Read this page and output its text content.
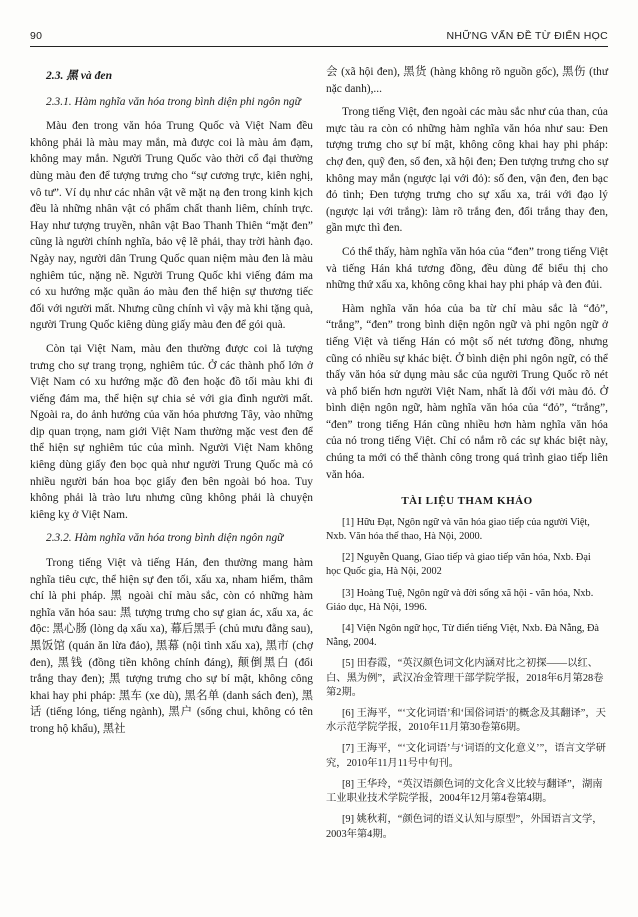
90	NHỮNG VẤN ĐỀ TỪ ĐIỂN HỌC
2.3. 黑 và đen
2.3.1. Hàm nghĩa văn hóa trong bình diện phi ngôn ngữ

Màu đen trong văn hóa Trung Quốc và Việt Nam đều không phải là màu may mắn, mà được coi là màu ảm đạm, không may mắn. Người Trung Quốc vào thời cổ đại thường dùng màu đen để tượng trưng cho “sự cương trực, kiên nghị, vô tư”. Ví dụ như các nhân vật vẽ mặt nạ đen trong kinh kịch đều là những nhân vật có phẩm chất thanh liêm, chính trực. Hay như tượng truyền, nhân vật Bao Thanh Thiên “mặt đen” cũng là người chính nghĩa, bảo vệ lẽ phải, thay trời hành đạo. Ngày nay, người dân Trung Quốc quan niệm màu đen là màu nghiêm túc, nặng nề. Người Trung Quốc khi viếng đám ma có xu hướng mặc quần áo màu đen thể hiện sự thương tiếc đối với người mất. Nhưng cũng chính vì vậy mà khi tặng quà, người Trung Quốc kiêng dùng giấy màu đen để gói quà.

Còn tại Việt Nam, màu đen thường được coi là tượng trưng cho sự trang trọng, nghiêm túc. Ở các thành phố lớn ở Việt Nam có xu hướng mặc đồ đen hoặc đồ tối màu khi đi viếng đám ma, thể hiện sự chia sẻ với gia đình người mất. Ngoài ra, do ảnh hưởng của văn hóa phương Tây, vào những dịp quan trọng, nam giới Việt Nam thường mặc vest đen để thể hiện sự nghiêm túc của mình. Người Việt Nam không kiêng dùng giấy đen bọc quà như người Trung Quốc mà có nhiều người bán hoa bọc giấy đen bên ngoài bó hoa. Tuy không phải là trào lưu nhưng cũng không phải là chuyện kiêng kỵ ở Việt Nam.

2.3.2. Hàm nghĩa văn hóa trong bình diện ngôn ngữ

Trong tiếng Việt và tiếng Hán, đen thường mang hàm nghĩa tiêu cực, thể hiện sự đen tối, xấu xa, nham hiểm, thâm chí là phi pháp. 黑 ngoài chỉ màu sắc, còn có những hàm nghĩa văn hóa sau: 黑 tượng trưng cho sự gian ác, xấu xa, ác độc: 黑心肠 (lòng dạ xấu xa), 幕后黑手 (chủ mưu đằng sau), 黑饭馆 (quán ăn lừa đảo), 黑幕 (nội tình xấu xa), 黑市 (chợ đen), 黑钱 (đồng tiền không chính đáng), 颠倒黑白 (đổi trắng thay đen); 黑 tượng trưng cho sự bí mật, không công khai hay phi pháp: 黑车 (xe dù), 黑名单 (danh sách đen), 黑话 (tiếng lóng, tiếng ngành), 黑户 (sống chui, không có tên trong hộ khẩu), 黑社

会 (xã hội đen), 黑货 (hàng không rõ nguồn gốc), 黑伤 (thư nặc danh),...

Trong tiếng Việt, đen ngoài các màu sắc như của than, của mực tàu ra còn có những hàm nghĩa văn hóa như sau: Đen tượng trưng cho sự bí mật, không công khai hay phi pháp: chợ đen, quỹ đen, sổ đen, xã hội đen; Đen tượng trưng cho sự không may mắn (ngược lại với đỏ): số đen, vận đen, đen bạc đỏ tình; Đen tượng trưng cho sự xấu xa, trái với đạo lý (ngược lại với trắng): làm rõ trắng đen, đổi trắng thay đen, gần mực thì đen.

Có thể thấy, hàm nghĩa văn hóa của “đen” trong tiếng Việt và tiếng Hán khá tương đồng, đều dùng để biểu thị cho những thứ xấu xa, không công khai hay phi pháp và đen đủi.

Hàm nghĩa văn hóa của ba từ chỉ màu sắc là “đỏ”, “trắng”, “đen” trong bình diện ngôn ngữ và phi ngôn ngữ ở tiếng Việt và tiếng Hán có một số nét tương đồng, nhưng cũng có nhiều sự khác biệt. Ở bình diện phi ngôn ngữ, có thể thấy văn hóa sử dụng màu sắc của người Trung Quốc rõ nét và phổ biến hơn người Việt Nam, nhất là đối với màu đỏ. Ở bình diện ngôn ngữ, hàm nghĩa văn hóa của “đỏ”, “trắng”, “đen” trong tiếng Hán cũng nhiều hơn hàm nghĩa văn hóa của nó trong tiếng Việt. Chỉ có nắm rõ các sự khác biệt này, chúng ta mới có thể thành công trong quá trình giao tiếp liên văn hóa.

TÀI LIỆU THAM KHẢO

[1] Hữu Đạt, Ngôn ngữ và văn hóa giao tiếp của người Việt, Nxb. Văn hóa thể thao, Hà Nội, 2000.

[2] Nguyễn Quang, Giao tiếp và giao tiếp văn hóa, Nxb. Đại học Quốc gia, Hà Nội, 2002

[3] Hoàng Tuệ, Ngôn ngữ và đời sống xã hội - văn hóa, Nxb. Giáo dục, Hà Nội, 1996.

[4] Viện Ngôn ngữ học, Từ điển tiếng Việt, Nxb. Đà Nẵng, Đà Nẵng, 2004.

[5] 田春霞，“英汉颜色词文化内涵对比之初探——以红、白、黑为例”，武汉冶金管理干部学院学报，2018年6月第28卷第2期。

[6] 王海平，“‘文化词语’和‘国俗词语’的概念及其翻译”，天水示范学院学报，2010年11月第30卷第6期。

[7] 王海平，“‘文化词语’与‘词语的文化意义’”，语言文学研究，2010年11月11号中旬刊。

[8] 王华玲，“英汉语颜色词的文化含义比较与翻译”，湖南工业职业技术学院学报，2004年12月第4卷第4期。

[9] 姚秋莉，“颜色词的语义认知与原型”，外国语言文学，2003年第4期。
